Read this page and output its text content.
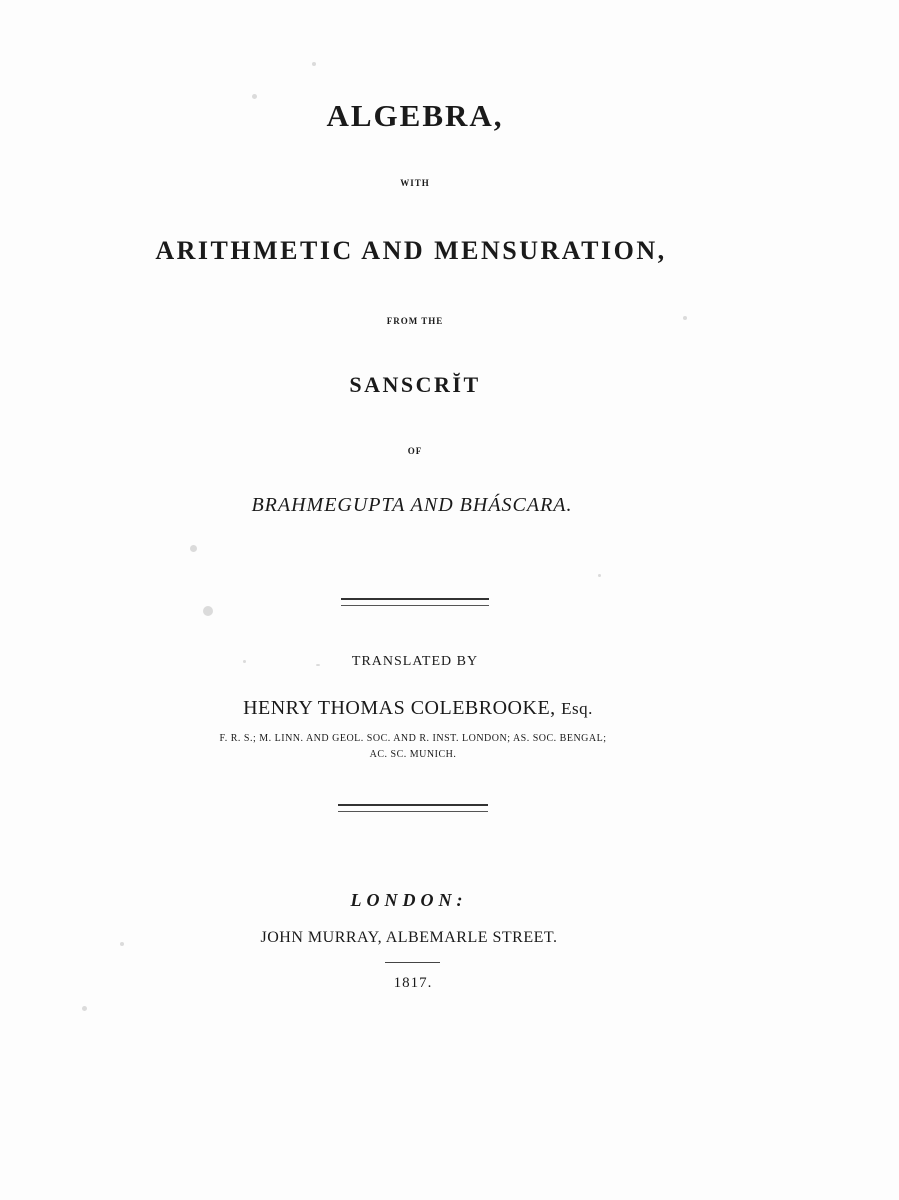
ALGEBRA,
WITH
ARITHMETIC AND MENSURATION,
FROM THE
SANSCRĬT
OF
BRAHMEGUPTA AND BHÁSCARA.
TRANSLATED BY
HENRY THOMAS COLEBROOKE, Esq.
F. R. S.; M. LINN. AND GEOL. SOC. AND R. INST. LONDON; AS. SOC. BENGAL;
AC. SC. MUNICH.
LONDON:
JOHN MURRAY, ALBEMARLE STREET.
1817.
